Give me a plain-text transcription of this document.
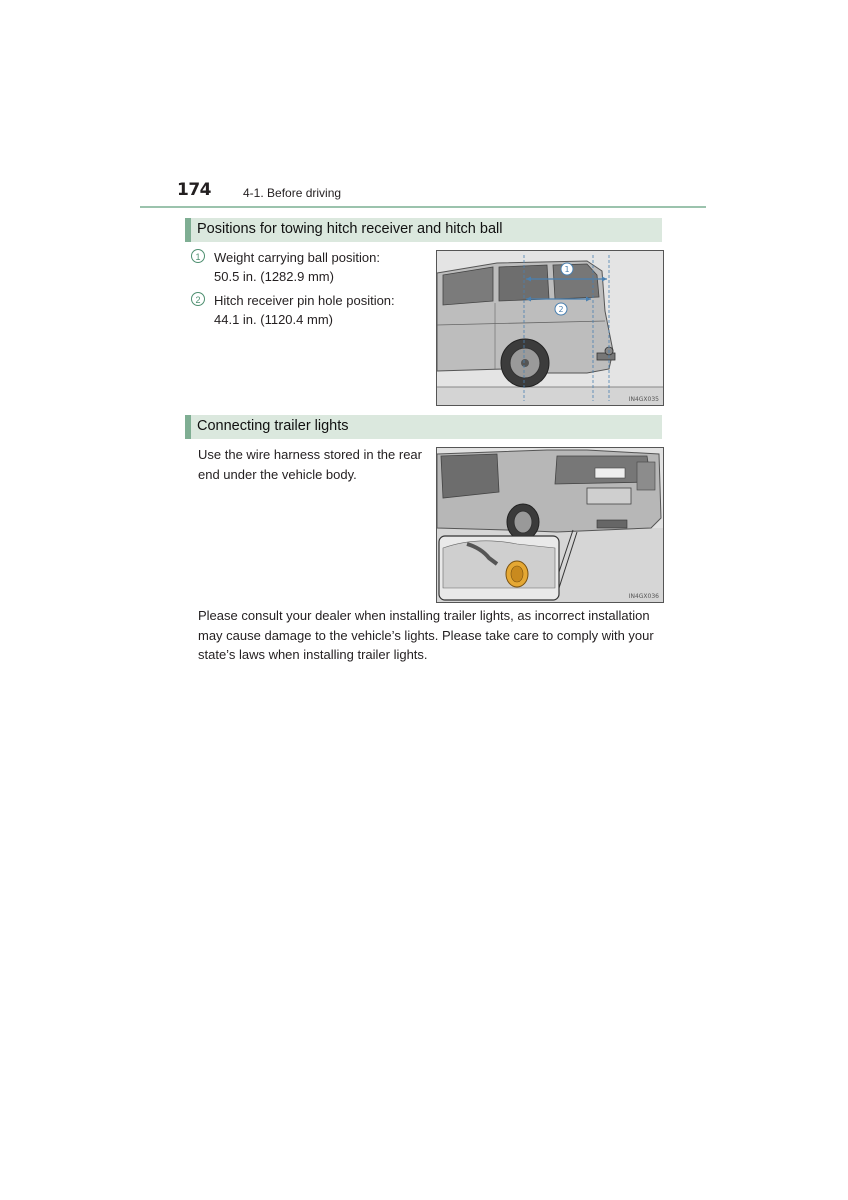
174	4-1. Before driving
Positions for towing hitch receiver and hitch ball
1	Weight carrying ball position:
50.5 in. (1282.9 mm)
2	Hitch receiver pin hole position:
44.1 in. (1120.4 mm)
1
2
IN4GX035
Connecting trailer lights
Use the wire harness stored in the rear
end under the vehicle body.
IN4GX036
Please consult your dealer when installing trailer lights, as incorrect installation
may cause damage to the vehicle’s lights. Please take care to comply with your
state’s laws when installing trailer lights.
